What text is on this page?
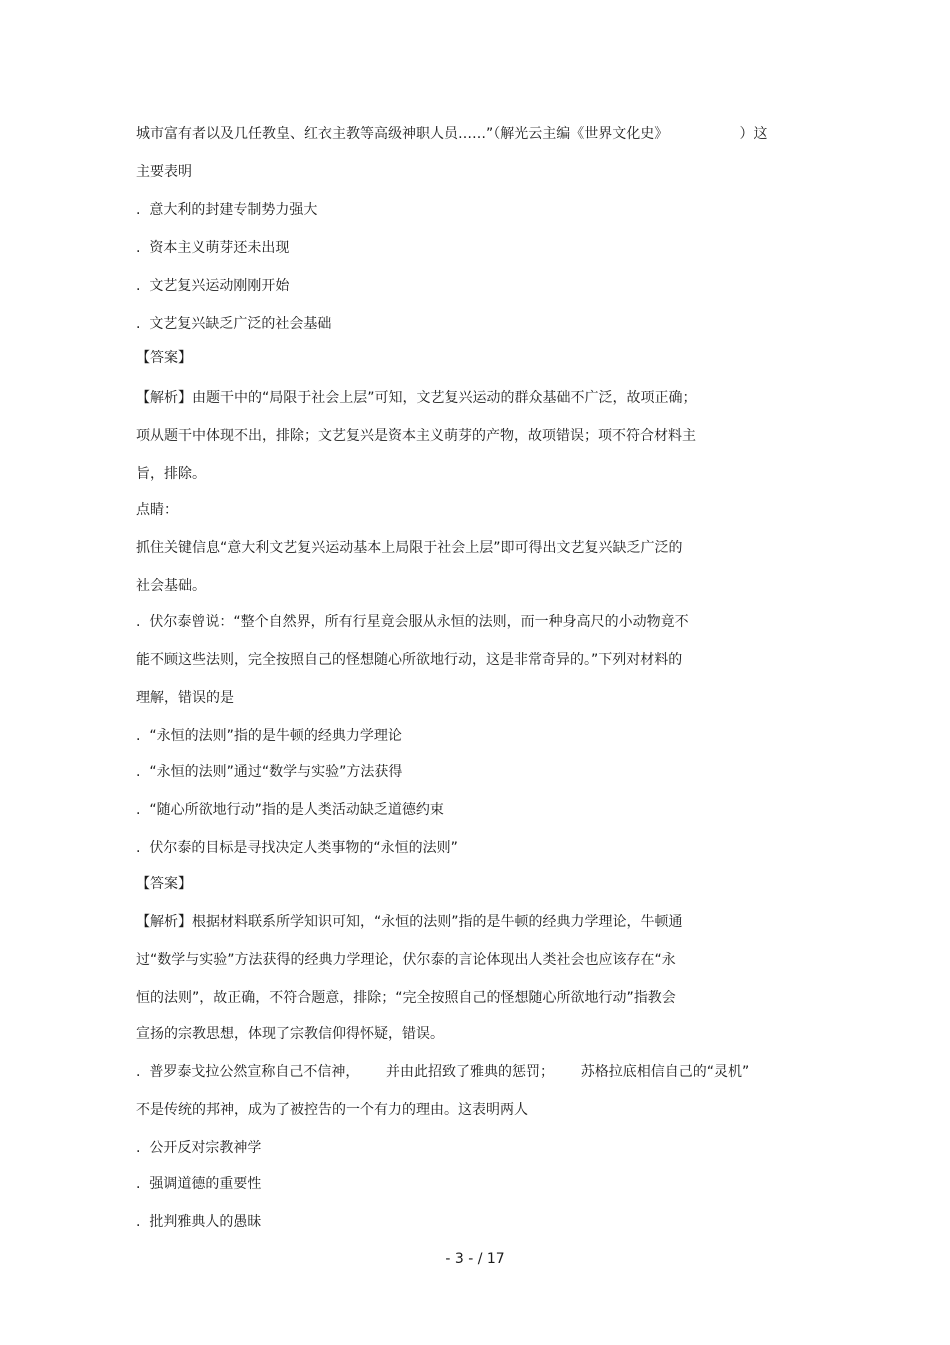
城市富有者以及几任教皇、红衣主教等高级神职人员……”（解光云主编《世界文化史》                ）这
主要表明
.  意大利的封建专制势力强大
.  资本主义萌芽还未出现
.  文艺复兴运动刚刚开始
.  文艺复兴缺乏广泛的社会基础
【答案】
【解析】由题干中的“局限于社会上层”可知，文艺复兴运动的群众基础不广泛，故项正确；
项从题干中体现不出，排除；文艺复兴是资本主义萌芽的产物，故项错误；项不符合材料主
旨，排除。
点睛：
抓住关键信息“意大利文艺复兴运动基本上局限于社会上层”即可得出文艺复兴缺乏广泛的
社会基础。
.  伏尔泰曾说：“整个自然界，所有行星竟会服从永恒的法则，而一种身高尺的小动物竟不
能不顾这些法则，完全按照自己的怪想随心所欲地行动，这是非常奇异的。”下列对材料的
理解，错误的是
.  “永恒的法则”指的是牛顿的经典力学理论
.  “永恒的法则”通过“数学与实验”方法获得
.  “随心所欲地行动”指的是人类活动缺乏道德约束
.  伏尔泰的目标是寻找决定人类事物的“永恒的法则”
【答案】
【解析】根据材料联系所学知识可知，“永恒的法则”指的是牛顿的经典力学理论，牛顿通
过“数学与实验”方法获得的经典力学理论，伏尔泰的言论体现出人类社会也应该存在“永
恒的法则”，故正确，不符合题意，排除；“完全按照自己的怪想随心所欲地行动”指教会
宣扬的宗教思想，体现了宗教信仰得怀疑，错误。
.  普罗泰戈拉公然宣称自己不信神，      并由此招致了雅典的惩罚；      苏格拉底相信自己的“灵机”
不是传统的邦神，成为了被控告的一个有力的理由。这表明两人
.  公开反对宗教神学
.  强调道德的重要性
.  批判雅典人的愚昧
- 3 - / 17
